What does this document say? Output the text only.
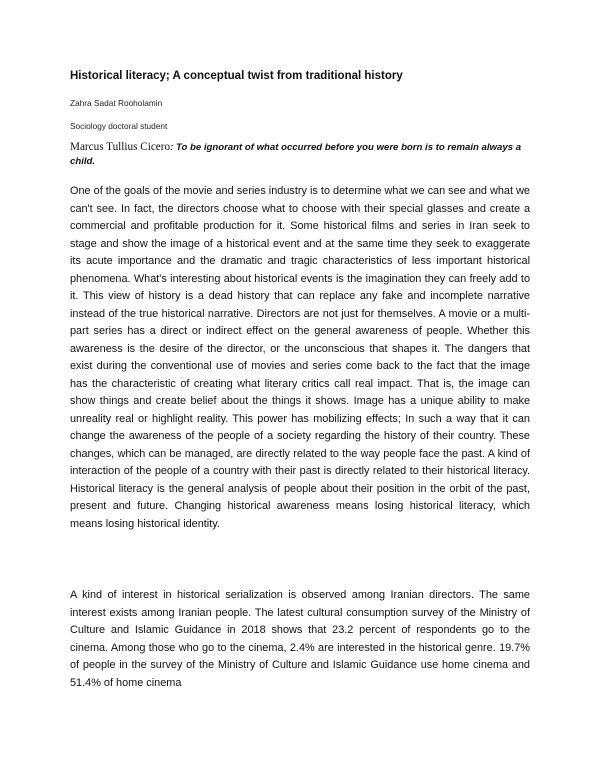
Historical literacy; A conceptual twist from traditional history
Zahra Sadat Rooholamin
Sociology doctoral student
Marcus Tullius Cicero: To be ignorant of what occurred before you were born is to remain always a child.

One of the goals of the movie and series industry is to determine what we can see and what we can't see. In fact, the directors choose what to choose with their special glasses and create a commercial and profitable production for it. Some historical films and series in Iran seek to stage and show the image of a historical event and at the same time they seek to exaggerate its acute importance and the dramatic and tragic characteristics of less important historical phenomena. What's interesting about historical events is the imagination they can freely add to it. This view of history is a dead history that can replace any fake and incomplete narrative instead of the true historical narrative. Directors are not just for themselves. A movie or a multi-part series has a direct or indirect effect on the general awareness of people. Whether this awareness is the desire of the director, or the unconscious that shapes it. The dangers that exist during the conventional use of movies and series come back to the fact that the image has the characteristic of creating what literary critics call real impact. That is, the image can show things and create belief about the things it shows. Image has a unique ability to make unreality real or highlight reality. This power has mobilizing effects; In such a way that it can change the awareness of the people of a society regarding the history of their country. These changes, which can be managed, are directly related to the way people face the past. A kind of interaction of the people of a country with their past is directly related to their historical literacy. Historical literacy is the general analysis of people about their position in the orbit of the past, present and future. Changing historical awareness means losing historical literacy, which means losing historical identity.

A kind of interest in historical serialization is observed among Iranian directors. The same interest exists among Iranian people. The latest cultural consumption survey of the Ministry of Culture and Islamic Guidance in 2018 shows that 23.2 percent of respondents go to the cinema. Among those who go to the cinema, 2.4% are interested in the historical genre. 19.7% of people in the survey of the Ministry of Culture and Islamic Guidance use home cinema and 51.4% of home cinema
